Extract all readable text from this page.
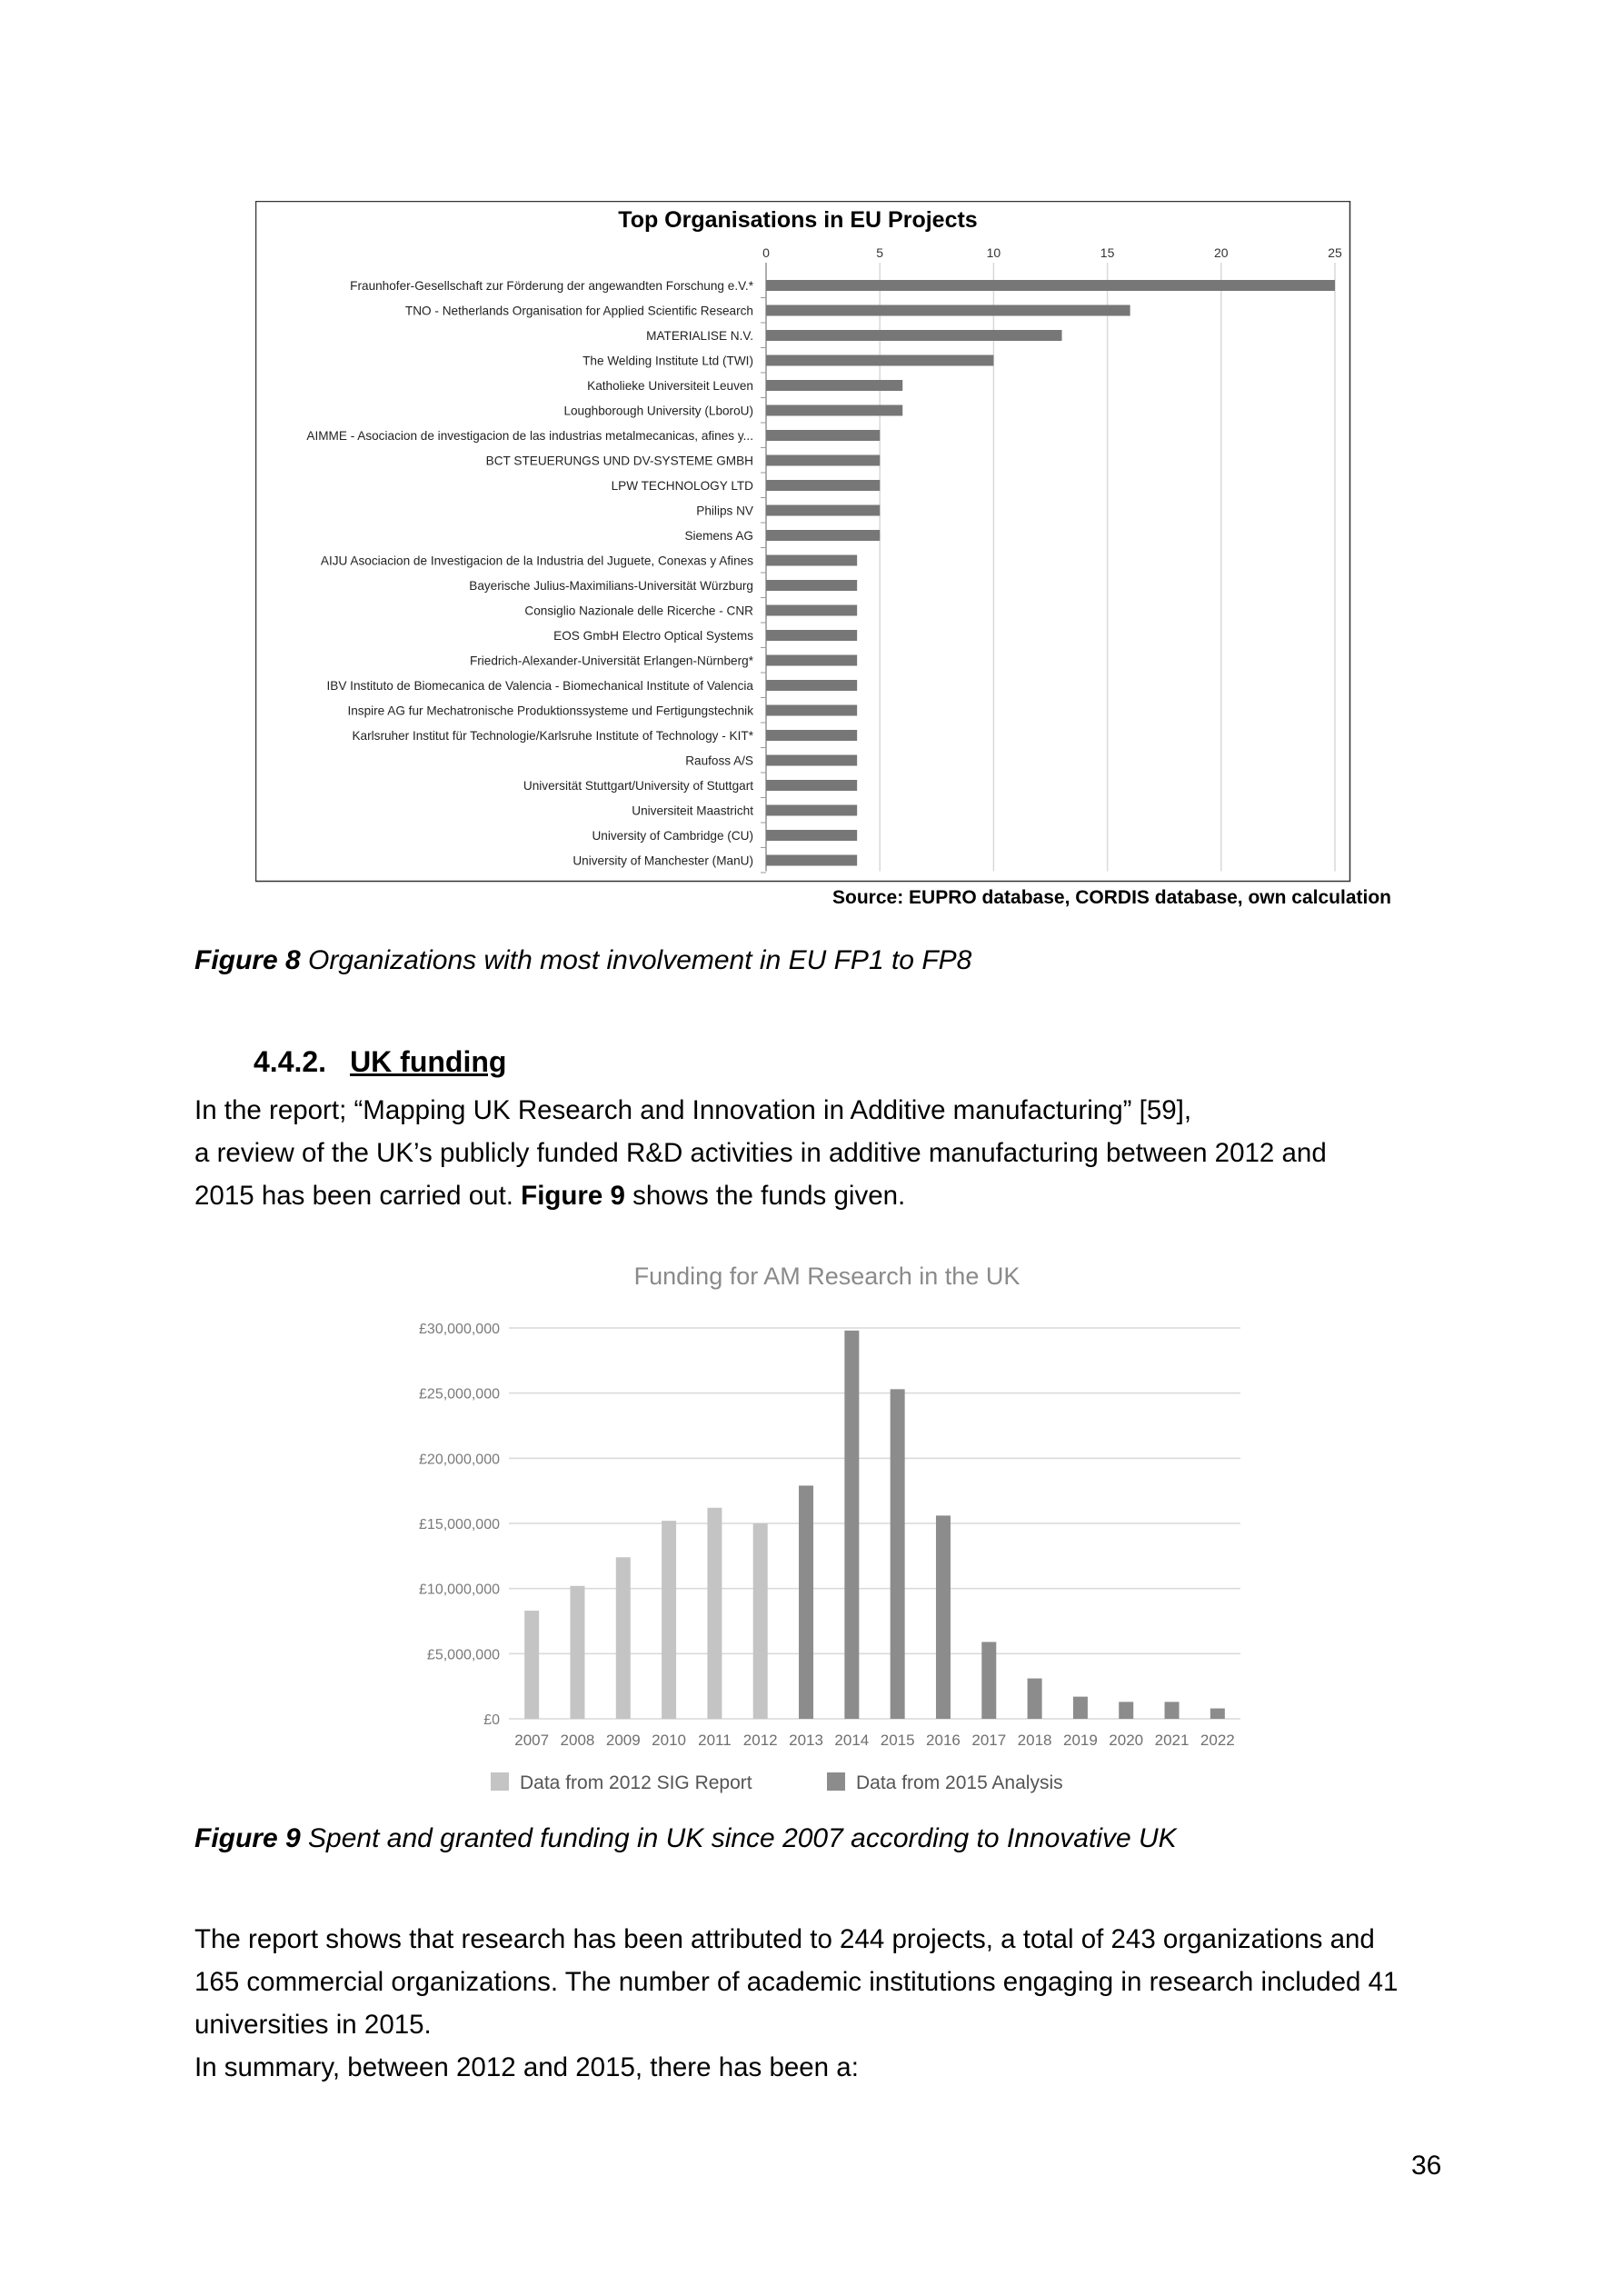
Top Organisations in EU Projects
0	5	10	15	20	25
Fraunhofer-Gesellschaft zur Förderung der angewandten Forschung e.V.*
TNO - Netherlands Organisation for Applied Scientific Research
MATERIALISE N.V.
The Welding Institute Ltd (TWI)
Katholieke Universiteit Leuven
Loughborough University (LboroU)
AIMME - Asociacion de investigacion de las industrias metalmecanicas, afines y...
BCT STEUERUNGS UND DV-SYSTEME GMBH
LPW TECHNOLOGY LTD
Philips NV
Siemens AG
AIJU Asociacion de Investigacion de la Industria del Juguete, Conexas y Afines
Bayerische Julius-Maximilians-Universität Würzburg
Consiglio Nazionale delle Ricerche - CNR
EOS GmbH Electro Optical Systems
Friedrich-Alexander-Universität Erlangen-Nürnberg*
IBV Instituto de Biomecanica de Valencia - Biomechanical Institute of Valencia
Inspire AG fur Mechatronische Produktionssysteme und Fertigungstechnik
Karlsruher Institut für Technologie/Karlsruhe Institute of Technology - KIT*
Raufoss A/S
Universität Stuttgart/University of Stuttgart
Universiteit Maastricht
University of Cambridge (CU)
University of Manchester (ManU)
Source: EUPRO database, CORDIS database, own calculation
Figure 8 Organizations with most involvement in EU FP1 to FP8
4.4.2. UK funding

In the report; “Mapping UK Research and Innovation in Additive manufacturing” [59],

a review of the UK’s publicly funded R&D activities in additive manufacturing between 2012 and

2015 has been carried out. Figure 9 shows the funds given.

Funding for AM Research in the UK
£0
£5,000,000
£10,000,000
£15,000,000
£20,000,000
£25,000,000
£30,000,000
2007 2008 2009 2010 2011 2012 2013 2014 2015 2016 2017 2018 2019 2020 2021 2022
Data from 2012 SIG Report	Data from 2015 Analysis
Figure 9 Spent and granted funding in UK since 2007 according to Innovative UK

The report shows that research has been attributed to 244 projects, a total of 243 organizations and

165 commercial organizations. The number of academic institutions engaging in research included 41

universities in 2015.

In summary, between 2012 and 2015, there has been a:

36
